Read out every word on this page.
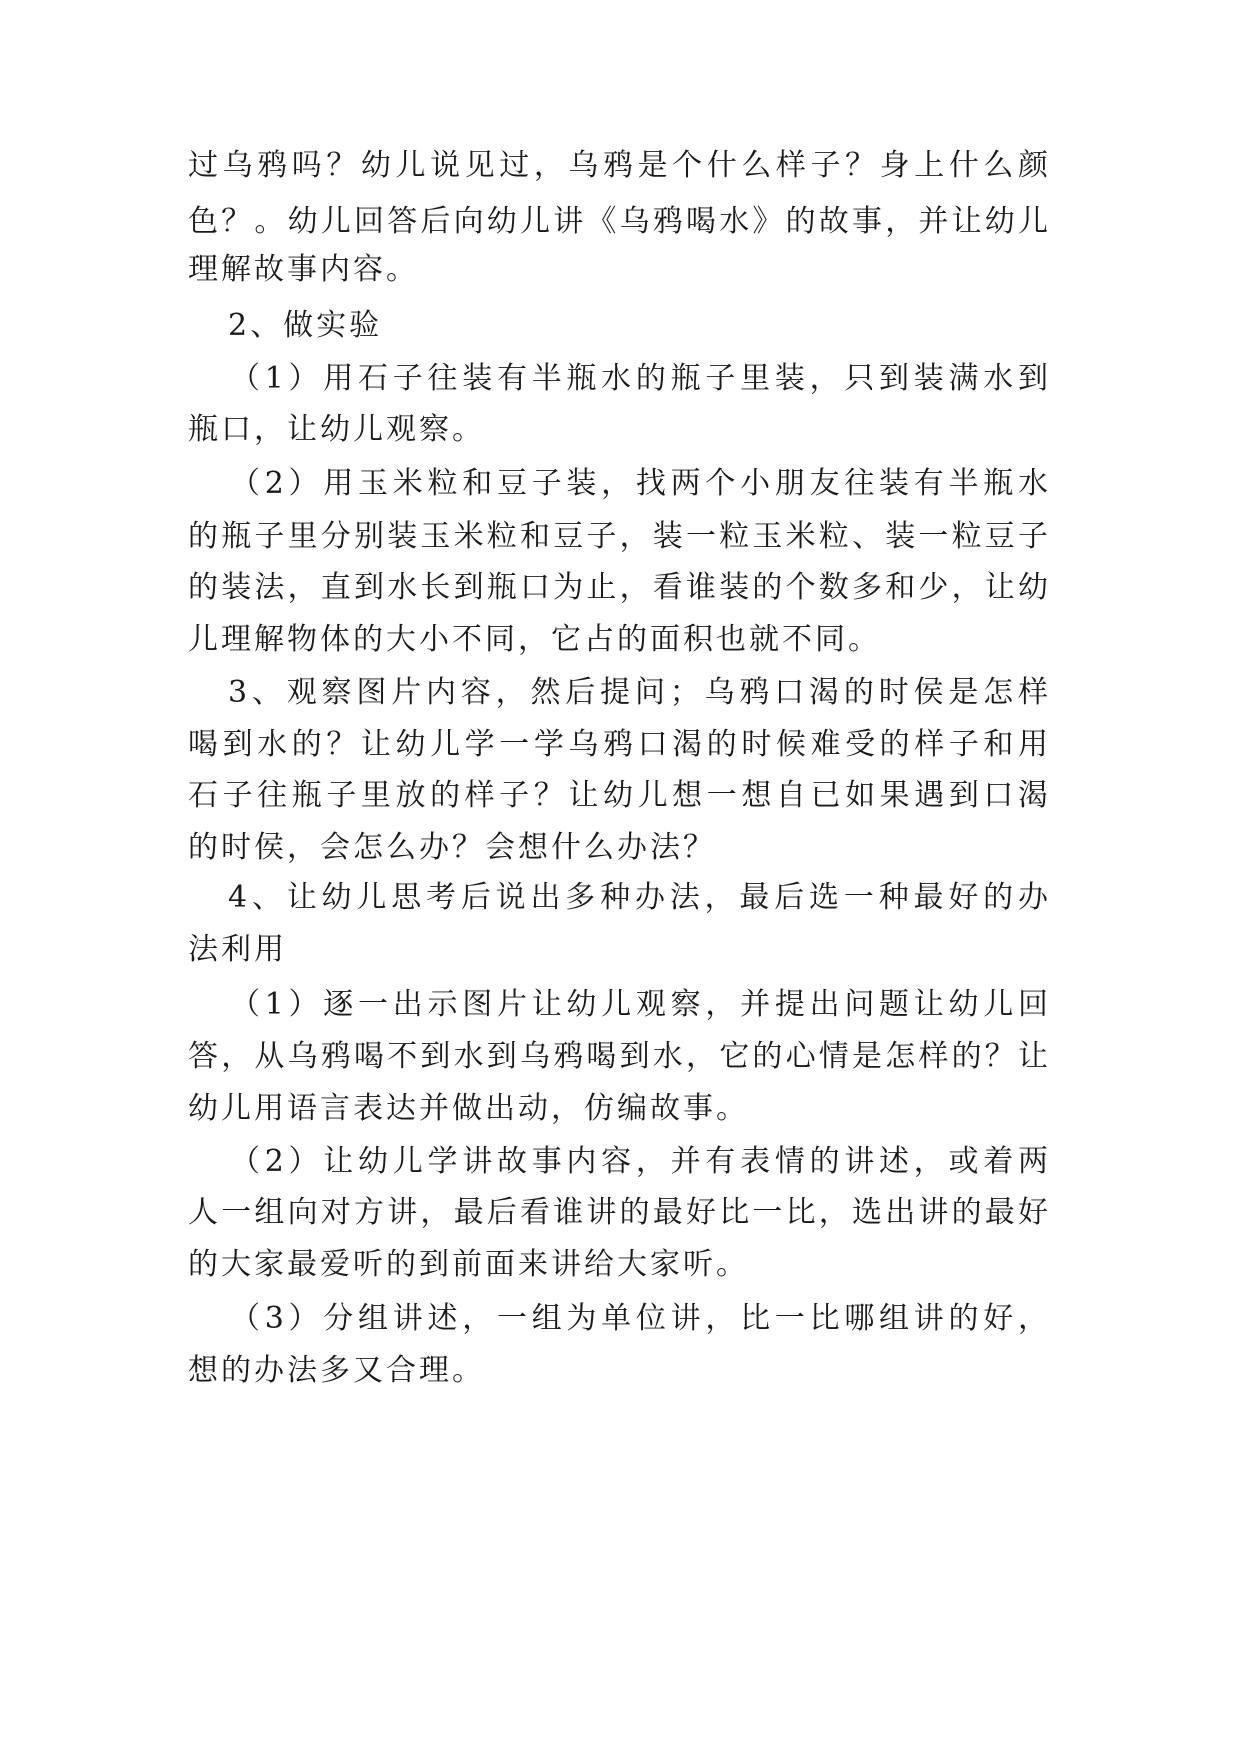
过乌鸦吗？幼儿说见过，乌鸦是个什么样子？身上什么颜
色？。幼儿回答后向幼儿讲《乌鸦喝水》的故事，并让幼儿
理解故事内容。
2、做实验
（1）用石子往装有半瓶水的瓶子里装，只到装满水到
瓶口，让幼儿观察。
（2）用玉米粒和豆子装，找两个小朋友往装有半瓶水
的瓶子里分别装玉米粒和豆子，装一粒玉米粒、装一粒豆子
的装法，直到水长到瓶口为止，看谁装的个数多和少，让幼
儿理解物体的大小不同，它占的面积也就不同。
3、观察图片内容，然后提问；乌鸦口渴的时侯是怎样
喝到水的？让幼儿学一学乌鸦口渴的时候难受的样子和用
石子往瓶子里放的样子？让幼儿想一想自已如果遇到口渴
的时侯，会怎么办？会想什么办法？
4、让幼儿思考后说出多种办法，最后选一种最好的办
法利用
（1）逐一出示图片让幼儿观察，并提出问题让幼儿回
答，从乌鸦喝不到水到乌鸦喝到水，它的心情是怎样的？让
幼儿用语言表达并做出动，仿编故事。
（2）让幼儿学讲故事内容，并有表情的讲述，或着两
人一组向对方讲，最后看谁讲的最好比一比，选出讲的最好
的大家最爱听的到前面来讲给大家听。
（3）分组讲述，一组为单位讲，比一比哪组讲的好，
想的办法多又合理。
